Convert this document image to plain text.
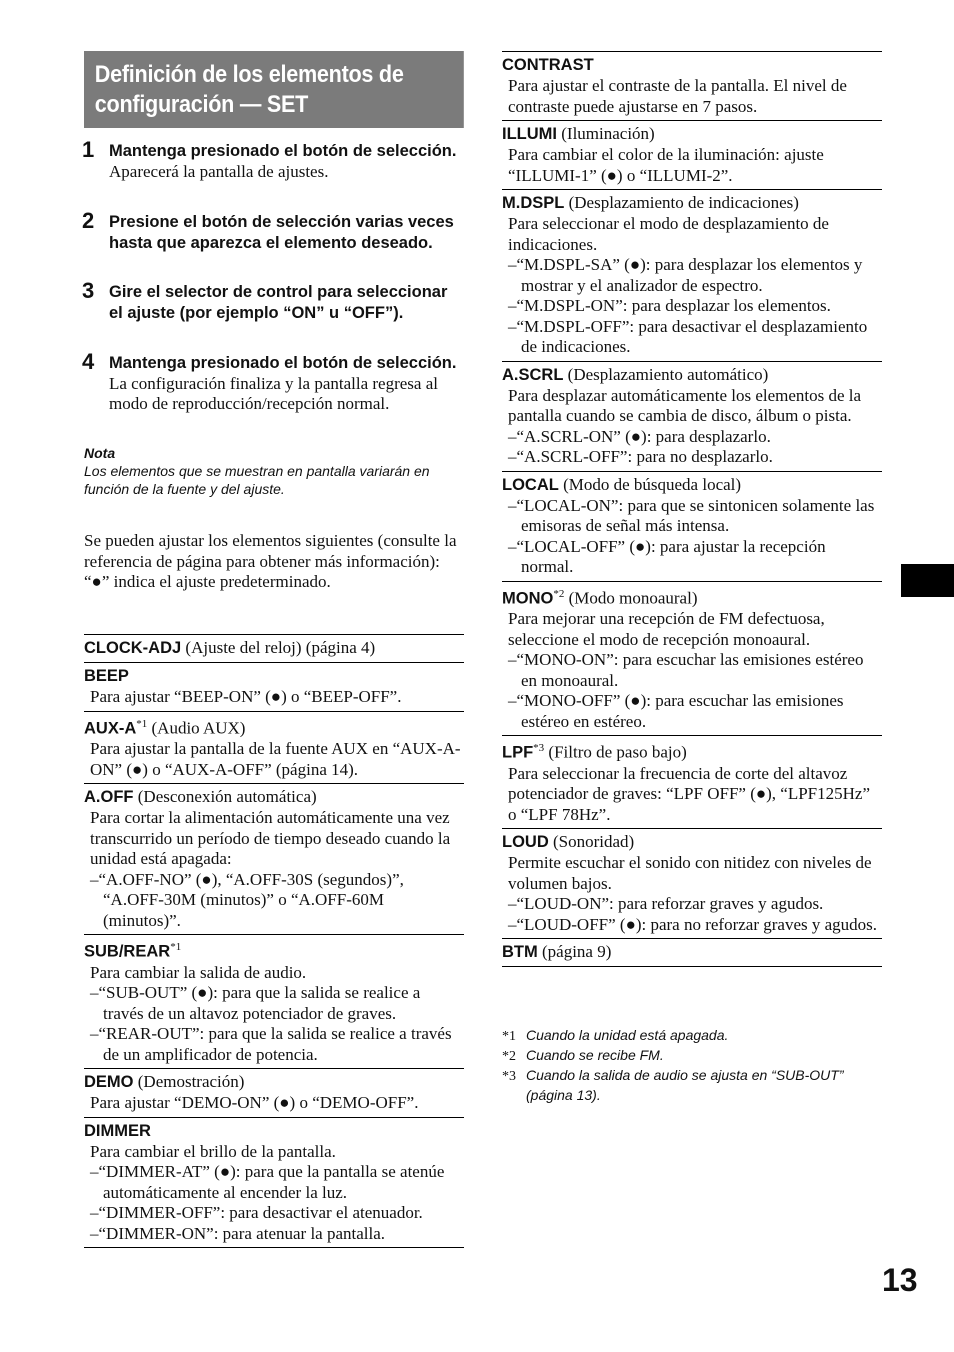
Definición de los elementos de
configuración — SET
1 Mantenga presionado el botón de selección.
Aparecerá la pantalla de ajustes.
2 Presione el botón de selección varias veces hasta que aparezca el elemento deseado.
3 Gire el selector de control para seleccionar el ajuste (por ejemplo “ON” u “OFF”).
4 Mantenga presionado el botón de selección.
La configuración finaliza y la pantalla regresa al modo de reproducción/recepción normal.
Nota
Los elementos que se muestran en pantalla variarán en función de la fuente y del ajuste.
Se pueden ajustar los elementos siguientes (consulte la referencia de página para obtener más información):
“●” indica el ajuste predeterminado.
CLOCK-ADJ (Ajuste del reloj) (página 4)
BEEP
Para ajustar “BEEP-ON” (●) o “BEEP-OFF”.
AUX-$A^{*1}$ (Audio AUX)
Para ajustar la pantalla de la fuente AUX en “AUX-A-ON” (●) o “AUX-A-OFF” (página 14).
A.OFF (Desconexión automática)
Para cortar la alimentación automáticamente una vez transcurrido un período de tiempo deseado cuando la unidad está apagada:
–“A.OFF-NO” (●), “A.OFF-30S (segundos)”, “A.OFF-30M (minutos)” o “A.OFF-60M (minutos)”.
SUB/REAR$^{*1}$
Para cambiar la salida de audio.
–“SUB-OUT” (●): para que la salida se realice a través de un altavoz potenciador de graves.
–“REAR-OUT”: para que la salida se realice a través de un amplificador de potencia.
DEMO (Demostración)
Para ajustar “DEMO-ON” (●) o “DEMO-OFF”.
DIMMER
Para cambiar el brillo de la pantalla.
–“DIMMER-AT” (●): para que la pantalla se atenúe automáticamente al encender la luz.
–“DIMMER-OFF”: para desactivar el atenuador.
–“DIMMER-ON”: para atenuar la pantalla.
CONTRAST
Para ajustar el contraste de la pantalla. El nivel de contraste puede ajustarse en 7 pasos.
ILLUMI (Iluminación)
Para cambiar el color de la iluminación: ajuste “ILLUMI-1” (●) o “ILLUMI-2”.
M.DSPL (Desplazamiento de indicaciones)
Para seleccionar el modo de desplazamiento de indicaciones.
–“M.DSPL-SA” (●): para desplazar los elementos y mostrar y el analizador de espectro.
–“M.DSPL-ON”: para desplazar los elementos.
–“M.DSPL-OFF”: para desactivar el desplazamiento de indicaciones.
A.SCRL (Desplazamiento automático)
Para desplazar automáticamente los elementos de la pantalla cuando se cambia de disco, álbum o pista.
–“A.SCRL-ON” (●): para desplazarlo.
–“A.SCRL-OFF”: para no desplazarlo.
LOCAL (Modo de búsqueda local)
–“LOCAL-ON”: para que se sintonicen solamente las emisoras de señal más intensa.
–“LOCAL-OFF” (●): para ajustar la recepción normal.
MONO$^{*2}$ (Modo monoaural)
Para mejorar una recepción de FM defectuosa, seleccione el modo de recepción monoaural.
–“MONO-ON”: para escuchar las emisiones estéreo en monoaural.
–“MONO-OFF” (●): para escuchar las emisiones estéreo en estéreo.
LPF$^{*3}$ (Filtro de paso bajo)
Para seleccionar la frecuencia de corte del altavoz potenciador de graves: “LPF OFF” (●), “LPF125Hz” o “LPF 78Hz”.
LOUD (Sonoridad)
Permite escuchar el sonido con nitidez con niveles de volumen bajos.
–“LOUD-ON”: para reforzar graves y agudos.
–“LOUD-OFF” (●): para no reforzar graves y agudos.
BTM (página 9)
*1 Cuando la unidad está apagada.
*2 Cuando se recibe FM.
*3 Cuando la salida de audio se ajusta en “SUB-OUT” (página 13).
13
